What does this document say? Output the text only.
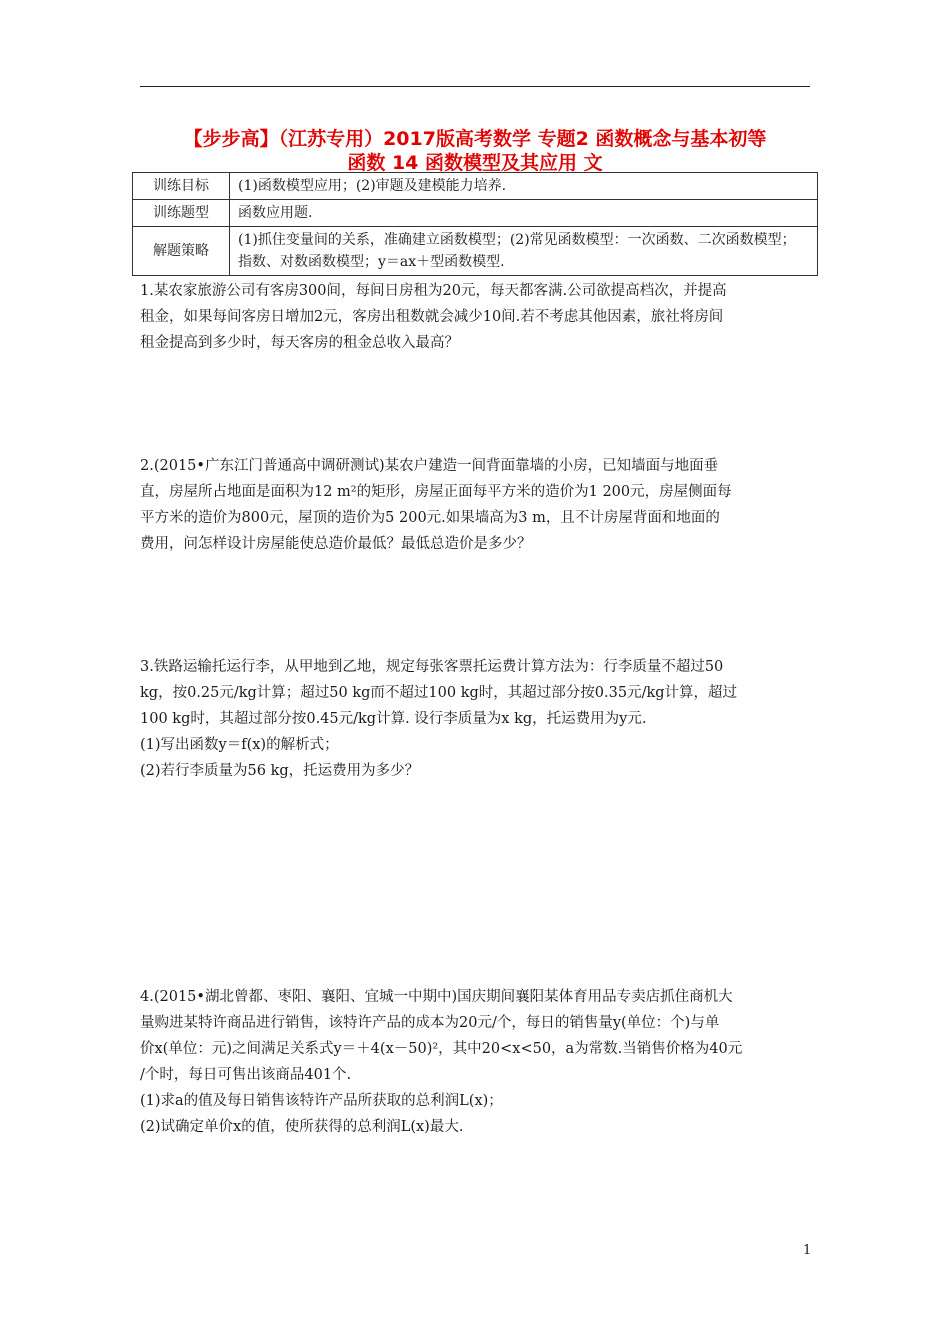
【步步高】（江苏专用）2017版高考数学 专题2 函数概念与基本初等
函数 14 函数模型及其应用 文
训练目标	(1)函数模型应用；(2)审题及建模能力培养.
训练题型	函数应用题.
解题策略	(1)抓住变量间的关系，准确建立函数模型；(2)常见函数模型：一次函数、二次函数模型；指数、对数函数模型；y＝ax＋型函数模型.

1.某农家旅游公司有客房300间，每间日房租为20元，每天都客满.公司欲提高档次，并提高

租金，如果每间客房日增加2元，客房出租数就会减少10间.若不考虑其他因素，旅社将房间

租金提高到多少时，每天客房的租金总收入最高？

2.(2015•广东江门普通高中调研测试)某农户建造一间背面靠墙的小房，已知墙面与地面垂

直，房屋所占地面是面积为12 m²的矩形，房屋正面每平方米的造价为1 200元，房屋侧面每

平方米的造价为800元，屋顶的造价为5 200元.如果墙高为3 m，且不计房屋背面和地面的

费用，问怎样设计房屋能使总造价最低？最低总造价是多少？

3.铁路运输托运行李，从甲地到乙地，规定每张客票托运费计算方法为：行李质量不超过50

kg，按0.25元/kg计算；超过50 kg而不超过100 kg时，其超过部分按0.35元/kg计算，超过

100 kg时，其超过部分按0.45元/kg计算. 设行李质量为x kg，托运费用为y元.

(1)写出函数y＝f(x)的解析式；

(2)若行李质量为56 kg，托运费用为多少？

4.(2015•湖北曾都、枣阳、襄阳、宜城一中期中)国庆期间襄阳某体育用品专卖店抓住商机大

量购进某特许商品进行销售，该特许产品的成本为20元/个，每日的销售量y(单位：个)与单

价x(单位：元)之间满足关系式y＝＋4(x－50)²，其中20<x<50，a为常数.当销售价格为40元

/个时，每日可售出该商品401个.

(1)求a的值及每日销售该特许产品所获取的总利润L(x)；

(2)试确定单价x的值，使所获得的总利润L(x)最大.

1
